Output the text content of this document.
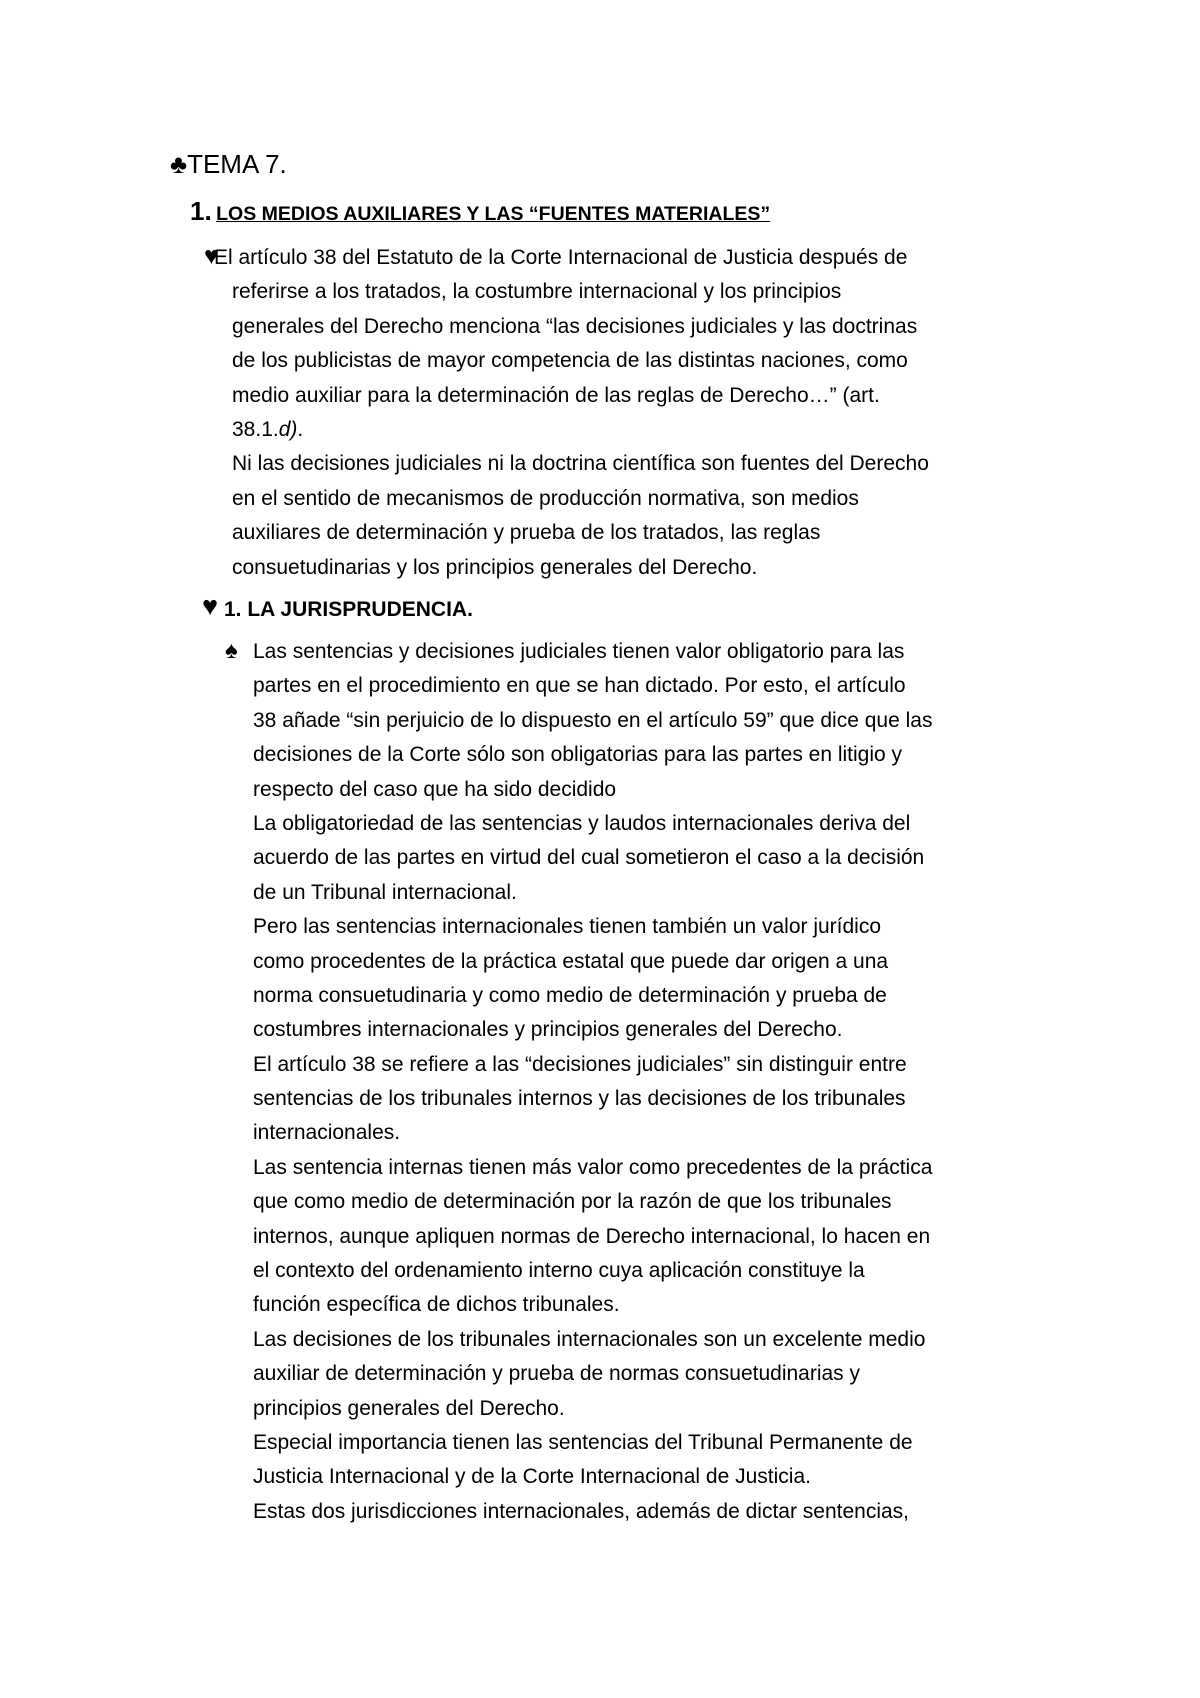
♣TEMA 7.
1. LOS MEDIOS AUXILIARES Y LAS “FUENTES MATERIALES”
♥
El artículo 38 del Estatuto de la Corte Internacional de Justicia después de
referirse a los tratados, la costumbre internacional y los principios
generales del Derecho menciona “las decisiones judiciales y las doctrinas
de los publicistas de mayor competencia de las distintas naciones, como
medio auxiliar para la determinación de las reglas de Derecho…” (art.
38.1.d).
Ni las decisiones judiciales ni la doctrina científica son fuentes del Derecho
en el sentido de mecanismos de producción normativa, son medios
auxiliares de determinación y prueba de los tratados, las reglas
consuetudinarias y los principios generales del Derecho.
♥ 1. LA JURISPRUDENCIA.
♠ Las sentencias y decisiones judiciales tienen valor obligatorio para las
partes en el procedimiento en que se han dictado. Por esto, el artículo
38 añade “sin perjuicio de lo dispuesto en el artículo 59” que dice que las
decisiones de la Corte sólo son obligatorias para las partes en litigio y
respecto del caso que ha sido decidido
La obligatoriedad de las sentencias y laudos internacionales deriva del
acuerdo de las partes en virtud del cual sometieron el caso a la decisión
de un Tribunal internacional.
Pero las sentencias internacionales tienen también un valor jurídico
como procedentes de la práctica estatal que puede dar origen a una
norma consuetudinaria y como medio de determinación y prueba de
costumbres internacionales y principios generales del Derecho.
El artículo 38 se refiere a las “decisiones judiciales” sin distinguir entre
sentencias de los tribunales internos y las decisiones de los tribunales
internacionales.
Las sentencia internas tienen más valor como precedentes de la práctica
que como medio de determinación por la razón de que los tribunales
internos, aunque apliquen normas de Derecho internacional, lo hacen en
el contexto del ordenamiento interno cuya aplicación constituye la
función específica de dichos tribunales.
Las decisiones de los tribunales internacionales son un excelente medio
auxiliar de determinación y prueba de normas consuetudinarias y
principios generales del Derecho.
Especial importancia tienen las sentencias del Tribunal Permanente de
Justicia Internacional y de la Corte Internacional de Justicia.
Estas dos jurisdicciones internacionales, además de dictar sentencias,
